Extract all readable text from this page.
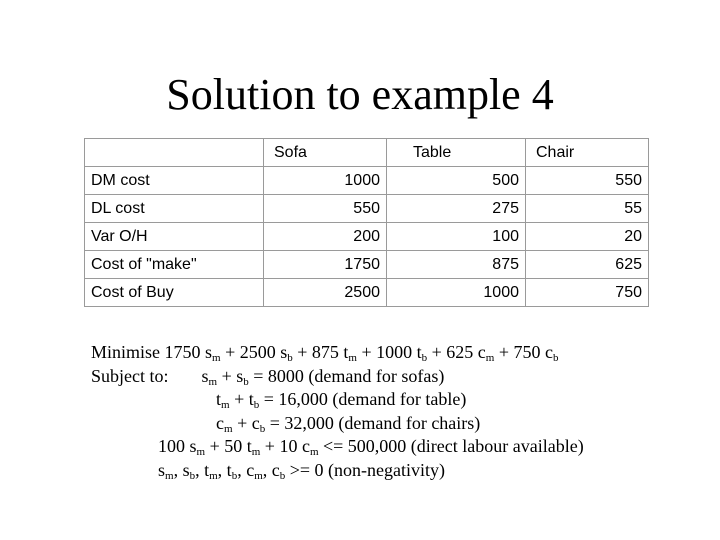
Solution to example 4
	Sofa	Table	Chair
DM cost	1000	500	550
DL cost	550	275	55
Var O/H	200	100	20
Cost of "make"	1750	875	625
Cost of Buy	2500	1000	750
Minimise 1750 $s_m + 2500$ $s_b + 875$ $t_m + 1000$ $t_b + 625$ $c_m + 750$ $c_b$
Subject to: $s_m + s_b = 8000$ (demand for sofas)
$t_m + t_b = 16,000$ (demand for table)
$c_m + c_b = 32,000$ (demand for chairs)
100 $s_m + 50$ $t_m + 10$ $c_m <= 500,000$ (direct labour available)
$s_m$, $s_b$, $t_m$, $t_b$, $c_m$, $c_b >= 0$ (non-negativity)
